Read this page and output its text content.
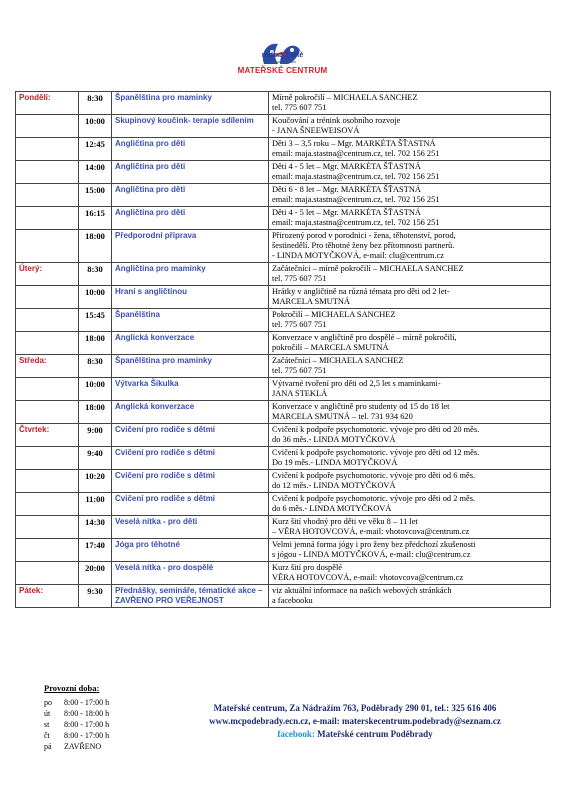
rodina a dítě
zapsaný spolek
MATEŘSKÉ CENTRUM
Pondělí:	8:30	Španělština pro maminky	Mírně pokročilí – MICHAELA SANCHEZ
tel. 775 607 751

	10:00	Skupinový koučink- terapie sdílením	Koučování a trénink osobního rozvoje
- JANA ŠNEEWEISOVÁ

	12:45	Angličtina pro děti	Děti 3 – 3,5 roku – Mgr. MARKÉTA ŠŤASTNÁ
email: maja.stastna@centrum.cz, tel. 702 156 251

	14:00	Angličtina pro děti	Děti 4 - 5 let – Mgr. MARKÉTA ŠŤASTNÁ
email: maja.stastna@centrum.cz, tel. 702 156 251

	15:00	Angličtina pro děti	Děti 6 - 8 let – Mgr. MARKÉTA ŠŤASTNÁ
email: maja.stastna@centrum.cz, tel. 702 156 251

	16:15	Angličtina pro děti	Děti 4 - 5 let – Mgr. MARKÉTA ŠŤASTNÁ
email: maja.stastna@centrum.cz, tel. 702 156 251

	18:00	Předporodní příprava	Přirozený porod v porodnici - žena, těhotenství, porod,
šestinedělí. Pro těhotné ženy bez přítomnosti partnerů.
- LINDA MOTYČKOVÁ, e-mail: clu@centrum.cz

Úterý:	8:30	Angličtina pro maminky	Začátečníci – mírně pokročilí – MICHAELA SANCHEZ
tel. 775 607 751

	10:00	Hraní s angličtinou	Hrátky v angličtině na různá témata pro děti od 2 let-
MARCELA SMUTNÁ

	15:45	Španělština	Pokročilí – MICHAELA SANCHEZ
tel. 775 607 751

	18:00	Anglická konverzace	Konverzace v angličtině pro dospělé – mírně pokročilí,
pokročilí – MARCELA SMUTNÁ

Středa:	8:30	Španělština pro maminky	Začátečníci – MICHAELA SANCHEZ
tel. 775 607 751

	10:00	Výtvarka Šikulka	Výtvarné tvoření pro děti od 2,5 let s maminkami-
JANA STEKLÁ

	18:00	Anglická konverzace	Konverzace v angličtině pro studenty od 15 do 18 let
MARCELA SMUTNÁ – tel. 731 934 620

Čtvrtek:	9:00	Cvičení pro rodiče s dětmi	Cvičení k podpoře psychomotoric. vývoje pro děti od 20 měs.
do 36 měs.- LINDA MOTYČKOVÁ

	9:40	Cvičení pro rodiče s dětmi	Cvičení k podpoře psychomotoric. vývoje pro děti od 12 měs.
Do 19 měs.- LINDA MOTYČKOVÁ

	10:20	Cvičení pro rodiče s dětmi	Cvičení k podpoře psychomotoric. vývoje pro děti od 6 měs.
do 12 měs.- LINDA MOTYČKOVÁ

	11:00	Cvičení pro rodiče s dětmi	Cvičení k podpoře psychomotoric. vývoje pro děti od 2 měs.
do 6 měs.- LINDA MOTYČKOVÁ

	14:30	Veselá nitka - pro děti	Kurz šití vhodný pro děti ve věku 8 – 11 let
– VĚRA HOTOVCOVÁ, e-mail: vhotovcova@centrum.cz

	17:40	Jóga pro těhotné	Velmi jemná forma jógy i pro ženy bez předchozí zkušenosti
s jógou - LINDA MOTYČKOVÁ, e-mail: clu@centrum.cz

	20:00	Veselá nitka - pro dospělé	Kurz šití pro dospělé
VĚRA HOTOVCOVÁ, e-mail: vhotovcova@centrum.cz

Pátek:	9:30	Přednášky, semináře, tématické akce – ZAVŘENO PRO VEŘEJNOST	viz aktuální informace na našich webových stránkách
a facebooku
Provozní doba:
po	8:00 - 17:00 h
út	8:00 - 18:00 h
st	8:00 - 17:00 h
čt	8:00 - 17:00 h
pá	ZAVŘENO
Mateřské centrum, Za Nádražím 763, Poděbrady 290 01, tel.: 325 616 406
www.mcpodebrady.ecn.cz, e-mail: materskecentrum.podebrady@seznam.cz
facebook: Mateřské centrum Poděbrady
